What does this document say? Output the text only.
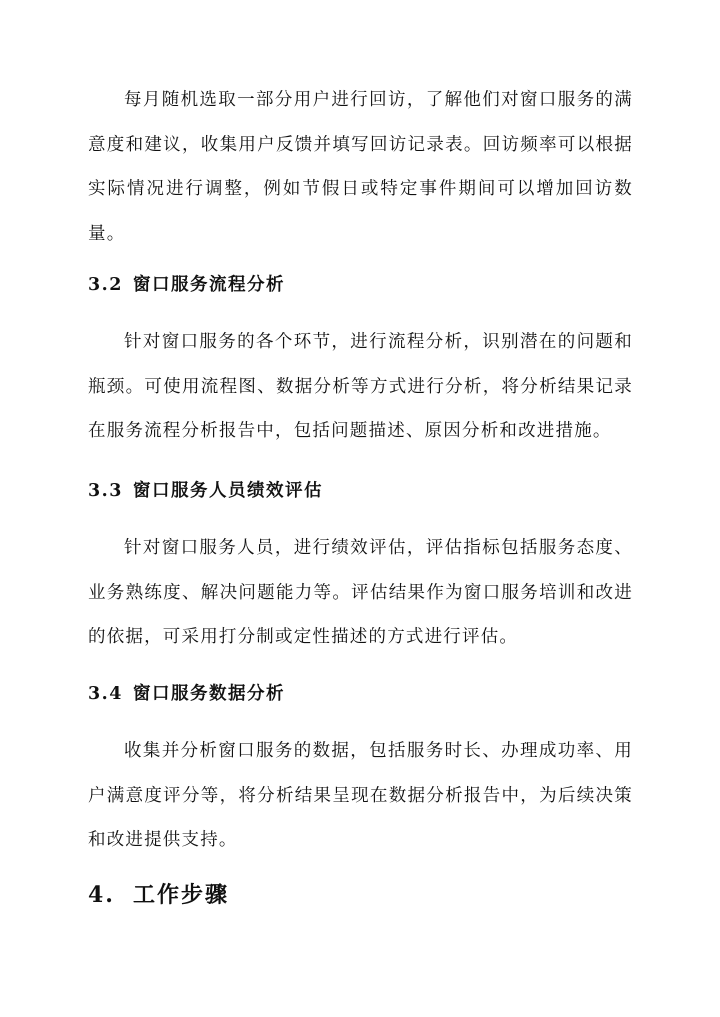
每月随机选取一部分用户进行回访，了解他们对窗口服务的满意度和建议，收集用户反馈并填写回访记录表。回访频率可以根据实际情况进行调整，例如节假日或特定事件期间可以增加回访数量。

3.2 窗口服务流程分析

针对窗口服务的各个环节，进行流程分析，识别潜在的问题和瓶颈。可使用流程图、数据分析等方式进行分析，将分析结果记录在服务流程分析报告中，包括问题描述、原因分析和改进措施。

3.3 窗口服务人员绩效评估

针对窗口服务人员，进行绩效评估，评估指标包括服务态度、业务熟练度、解决问题能力等。评估结果作为窗口服务培训和改进的依据，可采用打分制或定性描述的方式进行评估。

3.4 窗口服务数据分析

收集并分析窗口服务的数据，包括服务时长、办理成功率、用户满意度评分等，将分析结果呈现在数据分析报告中，为后续决策和改进提供支持。

4. 工作步骤
